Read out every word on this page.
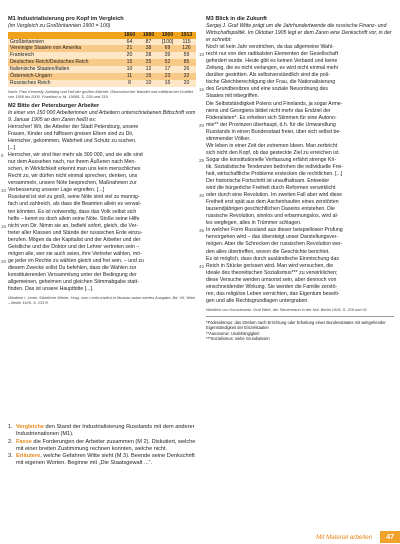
M1 Industrialisierung pro Kopf im Vergleich
(im Vergleich zu Großbritannien 1900 = 100)
	1860	1880	1900	1913
Großbritannien	64	87	[100]	115
Vereinigte Staaten von Amerika	21	38	69	126
Frankreich	20	28	39	59
Deutsches Reich/Deutsches Reich	15	25	52	85
Italienische Staaten/Italien	10	12	17	26
Österreich-Ungarn	11	15	23	32
Russisches Reich	8	10	15	20
Nach: Paul Kennedy, Aufstieg und Fall der großen Mächte. Ökonomischer Wandel und militärischer Konflikt von 1500 bis 2000, Frankfurt a. M. 19895, S. 239 und 319
M2 Bitte der Petersburger Arbeiter
In einer von 150 000 Arbeiterinnen und Arbeitern unterschriebenen Bittschrift vom 9. Januar 1905 an den Zaren heißt es:
Herrscher! Wir, die Arbeiter der Stadt Petersburg, unsere
Frauen, Kinder und hilflosen greisen Eltern sind zu Dir,
Herrscher, gekommen, Wahrheit und Schutz zu suchen.
[...]
Herrscher, wir sind hier mehr als 300 000, und sie alle sind
5
nur dem Aussehen nach, nur ihrem Äußeren nach Men-
schen, in Wirklichkeit erkennt man uns kein menschliches
Recht zu, wir dürfen nicht einmal sprechen, denken, uns
versammeln, unsere Nöte besprechen, Maßnahmen zur
Verbesserung unserer Lage ergreifen. [...]
10
Russland ist viel zu groß, seine Nöte sind viel zu mannig-
fach und zahlreich, als dass die Beamten allein es verwal-
ten könnten. Es ist notwendig, dass das Volk selbst sich
helfe – kennt es doch allein seine Nöte. Stoße seine Hilfe
nicht von Dir. Nimm sie an, befiehl sofort, gleich, die Ver-
15
treter aller Klassen und Stände der russischen Erde einzu-
berufen. Mögen da der Kapitalist und der Arbeiter und der
Geistliche und der Doktor und der Lehrer vertreten sein –
mögen alle, wer sie auch seien, ihre Vertreter wählen, mö-
ge jeder im Rechte zu wählen gleich und frei sein, – und zu
20
diesem Zwecke sollst Du befehlen, dass die Wahlen zur
konstituierenden Versammlung unter der Bedingung der
allgemeinen, geheimen und gleichen Stimmabgabe statt-
finden. Das ist unsere Hauptbitte [...].
Wladimir I. Lenin, Sämtliche Werke. Hrsg. vom Lenin-Institut in Moskau autori-siertes Ausgabe, Bd. VII, Wien – Berlin 1929, S. 233 ff.
M3 Blick in die Zukunft
Sergej J. Graf Witte prägt um die Jahrhundertwende die russische Finanz- und Wirtschaftspolitik. Im Oktober 1905 legt er dem Zaren eine Denkschrift vor, in der er schreibt:
Noch ist kein Jahr verstrichen, da das allgemeine Wahl-
recht nur von den radikalsten Elementen der Gesellschaft
10
gefordert wurde. Heute gibt es keinen Verband und keine
Zeitung, die es nicht verlangen, es wird nicht einmal mehr
darüber gestritten. Als selbstverständlich sind die poli-
tische Gleichberechtigung der Frau, die Nationalisierung
des Grundbesitzes und eine soziale Neuordnung des
15
Staates mit inbegriffen.
Die Selbstständigkeit Polens und Finnlands, ja sogar Arme-
niens und Georgiens bildet nicht mehr das Endziel der
Föderalisten*. Es erheben sich Stimmen für eine Autono-
mie** der Provinzen überhaupt, d.h. für die Umwandlung
20
Russlands in einen Bundesstaat freier, über sich selbst be-
stimmender Völker.
Wir leben in einer Zeit der extremen Ideen. Man zerbricht
sich nicht den Kopf, ob das gesteckte Ziel zu erreichen ist.
Sogar die konstitutionelle Verfassung erfährt strenge Kri-
25
tik. Sozialistische Tendenzen bedrohen die individuelle Frei-
heit, wirtschaftliche Probleme erstecken die rechtlichen. [...]
Der historische Fortschritt ist unaufhaltsam. Entweder
wird die bürgerliche Freiheit durch Reformen verwirklicht
oder durch eine Revolution. Im zweiten Fall aber wird diese
30
Freiheit erst spät aus dem Aschenhaufen eines zerstörten
tausendjährigen geschichtlichen Daseins entstehen. Die
russische Revolution, sinnlos und erbarmungslos, wird al-
les wegfegen, alles in Trümmer schlagen.
In welcher Form Russland aus dieser beispiellosen Prüfung
35
hervorgehen wird – das übersteigt unser Darstellungsver-
mögen. Aber die Schrecken der russischen Revolution wer-
den alles übertreffen, wovon die Geschichte berichtet.
Es ist möglich, dass durch ausländische Einmischung das
Reich in Stücke gerissen wird. Man wird versuchen, die
40
Ideale des theoretischen Sozialismus*** zu verwirklichen;
diese Versuche werden umsonst sein, aber dennoch von
einschneidender Wirkung. Sie werden die Familie zerstö-
ren, das religiöse Leben vernichten, das Eigentum beseiti-
gen und alle Rechtsgrundlagen untergraben.
Wladimir von Korostowetz, Graf Witte, der Steuermann in der Not, Berlin 1929, S. 209 und 41
*Föderalismus: das Streben nach Errichtung oder Erhaltung eines Bundesstaates mit weitgehender Eigenständigkeit der Einzelstaaten
**Autonomie: Unabhängigkeit
***Sozialismus: siehe Grundwissen
1. Vergleiche den Stand der Industrialisierung Russlands mit dem anderer Industrienationen (M1).
2. Fasse die Forderungen der Arbeiter zusammen (M 2). Diskutiert, welche mit einer breiten Zustimmung rechnen konnten, welche nicht.
3. Erläutere, welche Gefahren Witte sieht (M 3). Beende seine Denkschrift mit eigenen Worten. Beginne mit „Die Staatsgewalt ...“.
Mit Material arbeiten	47
